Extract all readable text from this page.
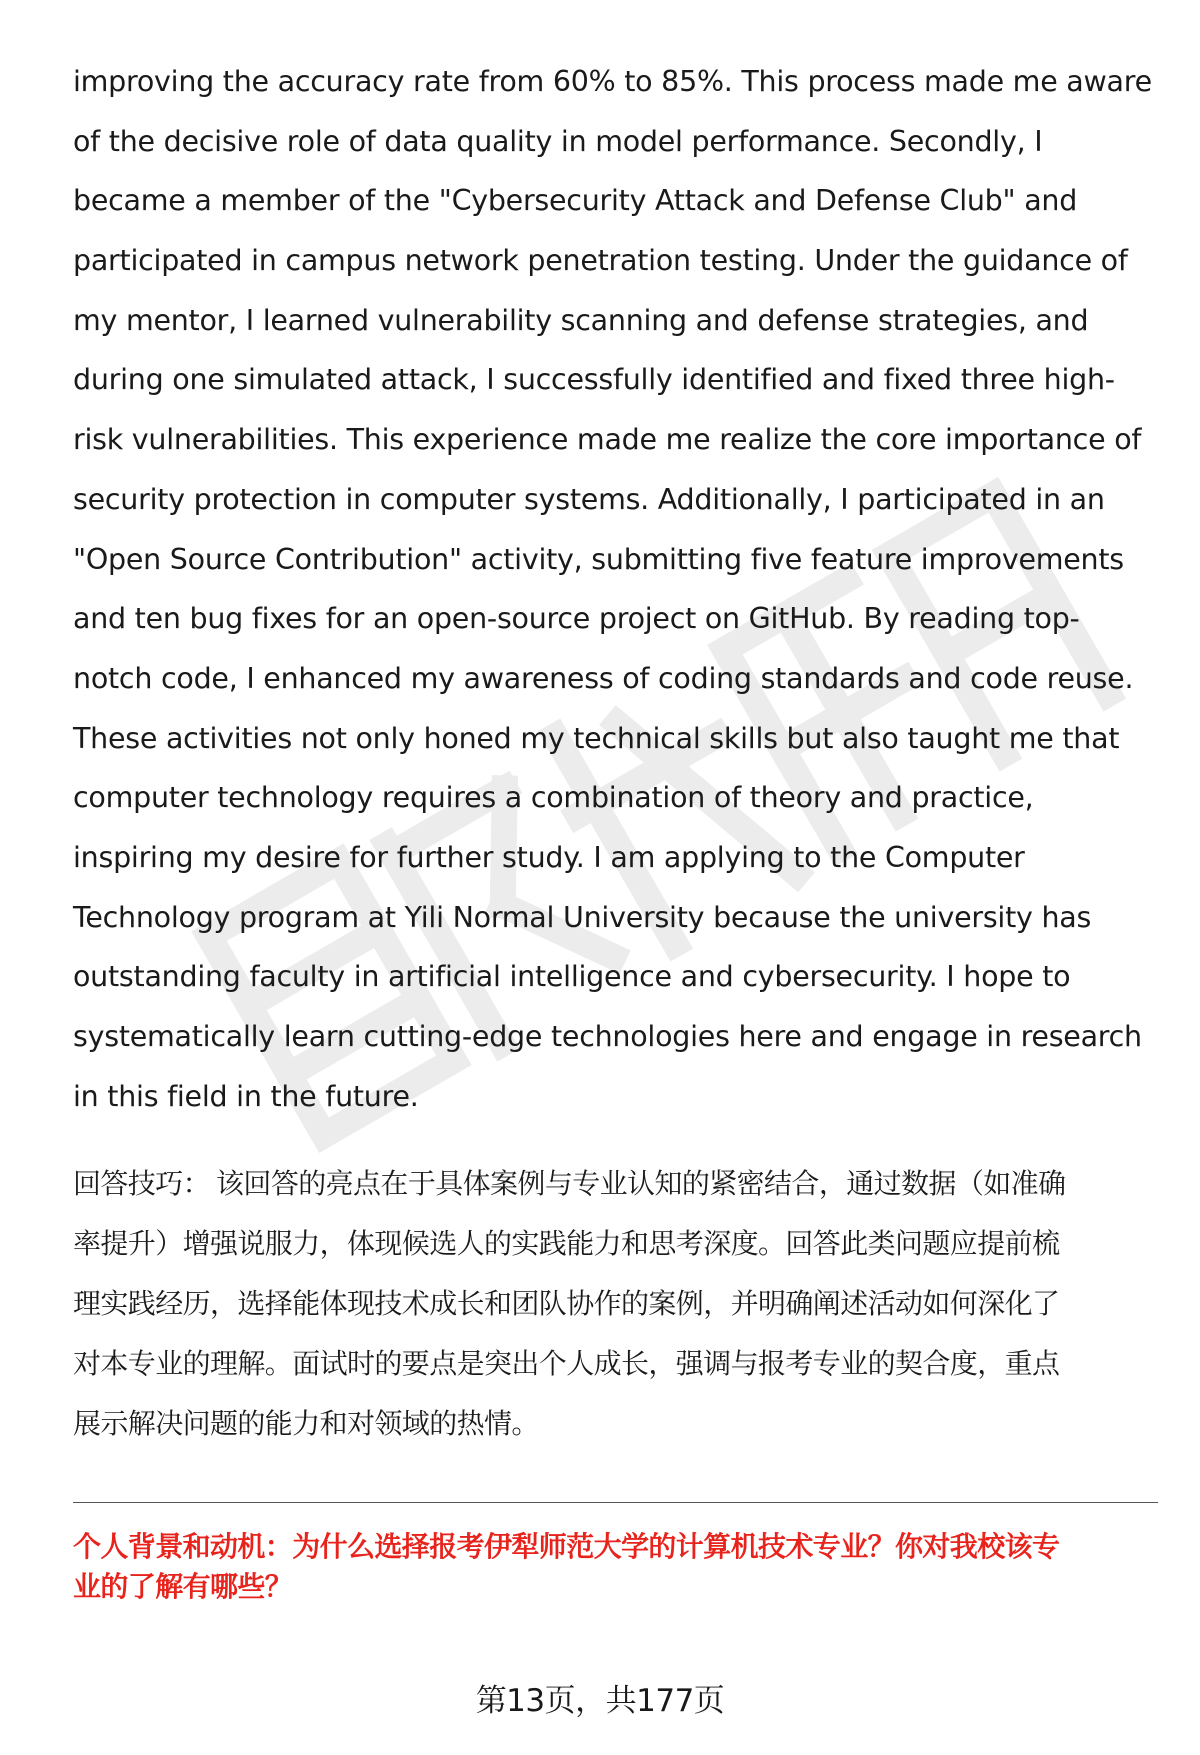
improving the accuracy rate from 60% to 85%. This process made me aware
of the decisive role of data quality in model performance. Secondly, I
became a member of the "Cybersecurity Attack and Defense Club" and
participated in campus network penetration testing. Under the guidance of
my mentor, I learned vulnerability scanning and defense strategies, and
during one simulated attack, I successfully identified and fixed three high-
risk vulnerabilities. This experience made me realize the core importance of
security protection in computer systems. Additionally, I participated in an
"Open Source Contribution" activity, submitting five feature improvements
and ten bug fixes for an open-source project on GitHub. By reading top-
notch code, I enhanced my awareness of coding standards and code reuse.
These activities not only honed my technical skills but also taught me that
computer technology requires a combination of theory and practice,
inspiring my desire for further study. I am applying to the Computer
Technology program at Yili Normal University because the university has
outstanding faculty in artificial intelligence and cybersecurity. I hope to
systematically learn cutting-edge technologies here and engage in research
in this field in the future.
回答技巧： 该回答的亮点在于具体案例与专业认知的紧密结合，通过数据（如准确
率提升）增强说服力，体现候选人的实践能力和思考深度。回答此类问题应提前梳
理实践经历，选择能体现技术成长和团队协作的案例，并明确阐述活动如何深化了
对本专业的理解。面试时的要点是突出个人成长，强调与报考专业的契合度，重点
展示解决问题的能力和对领域的热情。
个人背景和动机：为什么选择报考伊犁师范大学的计算机技术专业？你对我校该专
业的了解有哪些？
第13页，共177页
